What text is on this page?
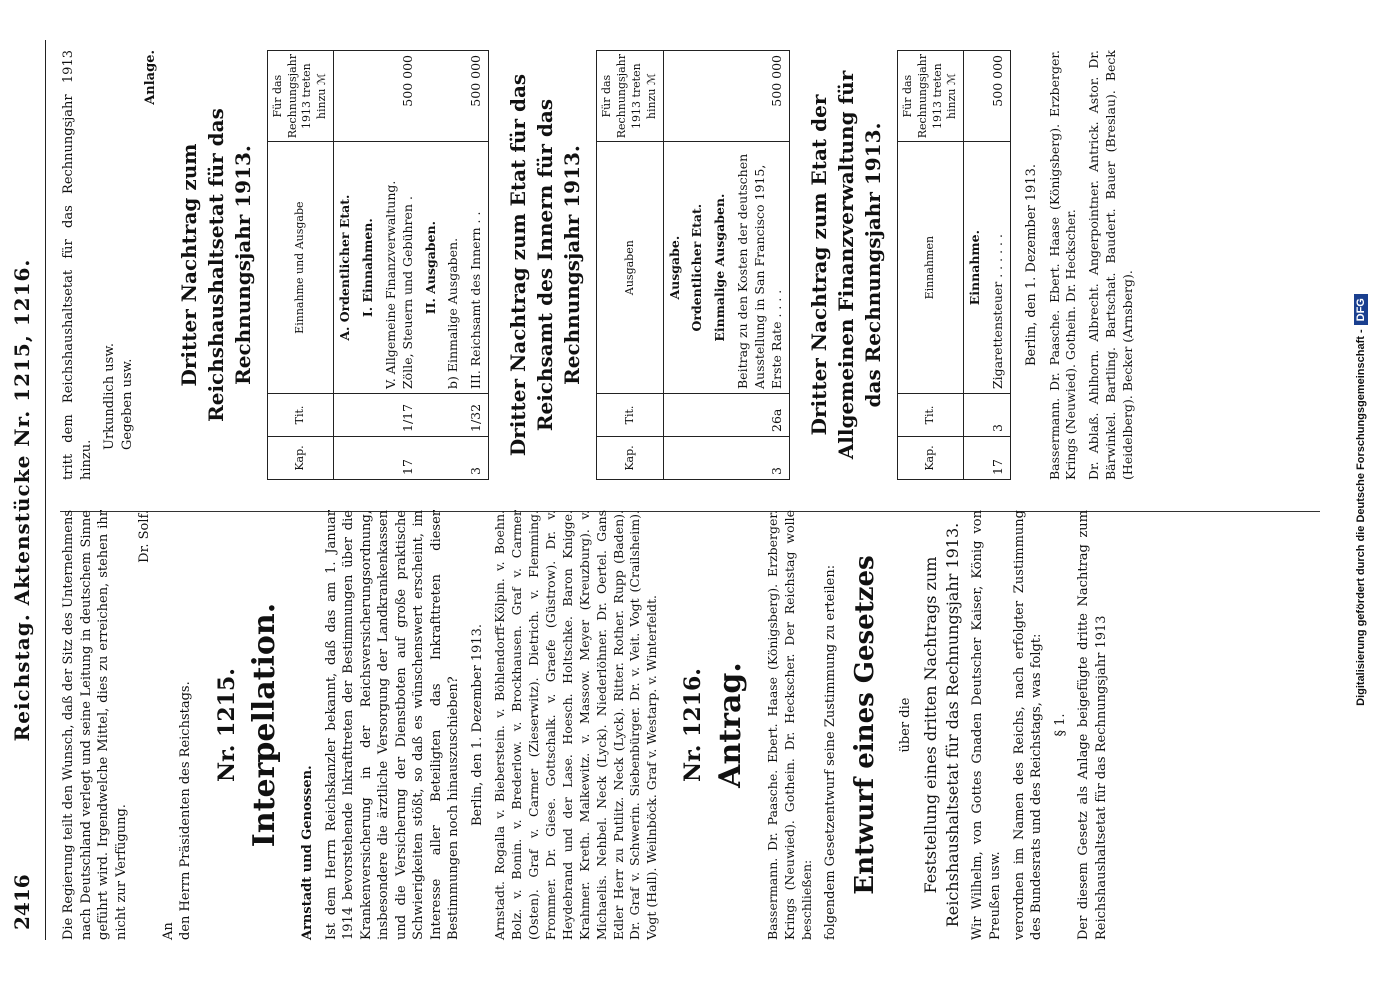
2416
Reichstag. Aktenstücke Nr. 1215, 1216. Die Regierung teilt den Wunsch, daß der Sitz des Unternehmens nach Deutschland verlegt und seine Leitung in deutschem Sinne geführt wird. Irgendwelche Mittel, dies zu erreichen, stehen ihr nicht zur Verfügung.

Dr. Solf.
An den Herrn Präsidenten des Reichstags. Nr. 1215. Interpellation.

Arnstadt und Genossen. Ist dem Herrn Reichskanzler bekannt, daß das am 1. Januar 1914 bevorstehende Inkrafttreten der Bestimmungen über die Krankenversicherung in der Reichsversicherungsordnung, insbesondere die ärztliche Versorgung der Landkrankenkassen und die Versicherung der Dienstboten auf große praktische Schwierigkeiten stößt, so daß es wünschenswert erscheint, im Interesse aller Beteiligten das Inkrafttreten dieser Bestimmungen noch hinauszuschieben? Berlin, den 1. Dezember 1913. Arnstadt. Rogalla v. Bieberstein. v. Böhlendorff-Kölpin. v. Boehn. Bolz. v. Bonin. v. Brederlow. v. Brockhausen. Graf v. Carmer (Osten). Graf v. Carmer (Zieserwitz). Dietrich. v. Flemming. Frommer. Dr. Giese. Gottschalk. v. Graefe (Güstrow). Dr. v. Heydebrand und der Lase. Hoesch. Holtschke. Baron Knigge. Krahmer. Kreth. Malkewitz. v. Massow. Meyer (Kreuzburg). v. Michaelis. Nehbel. Neck (Lyck). Niederlöhner. Dr. Oertel. Gans Edler Herr zu Putlitz. Neck (Lyck). Ritter. Rother. Rupp (Baden). Dr. Graf v. Schwerin. Siebenbürger. Dr. v. Veit. Vogt (Crailsheim). Vogt (Hall). Weilnböck. Graf v. Westarp. v. Winterfeldt. Nr. 1216. Antrag. Bassermann. Dr. Paasche. Ebert. Haase (Königsberg). Erzberger. Krings (Neuwied). Gothein. Dr. Heckscher. Der Reichstag wolle beschließen: folgendem Gesetzentwurf seine Zustimmung zu erteilen: Entwurf eines Gesetzes über die Feststellung eines dritten Nachtrags zum Reichshaushaltsetat für das Rechnungsjahr 1913. Wir Wilhelm, von Gottes Gnaden Deutscher Kaiser, König von Preußen usw. verordnen im Namen des Reichs, nach erfolgter Zustimmung des Bundesrats und des Reichstags, was folgt: § 1. Der diesem Gesetz als Anlage beigefügte dritte Nachtrag zum Reichshaushaltsetat für das Rechnungsjahr 1913

tritt dem Reichshaushaltsetat für das Rechnungsjahr 1913 hinzu.

Urkundlich usw. Gegeben usw.
Anlage.
Dritter Nachtrag zum Reichshaushaltsetat für das Rechnungsjahr 1913.
Kap.	Tit.	Einnahme und Ausgabe	Für das Rechnungsjahr 1913 treten hinzu ℳ
		A. Ordentlicher Etat.	
		I. Einnahmen.	
17	1/17	V. Allgemeine Finanzverwaltung. Zölle, Steuern und Gebühren .	500 000
		II. Ausgaben.	
		b) Einmalige Ausgaben.	
3	1/32	III. Reichsamt des Innern . .	500 000 Dritter Nachtrag zum Etat für das Reichsamt des Innern für das Rechnungsjahr 1913.
Kap.	Tit.	Ausgaben	Für das Rechnungsjahr 1913 treten hinzu ℳ
		Ausgabe.	
		Ordentlicher Etat.	
		Einmalige Ausgaben.	
3	26a	Beitrag zu den Kosten der deutschen Ausstellung in San Francisco 1915, Erste Rate . . . .	500 000
Dritter Nachtrag zum Etat der Allgemeinen Finanzverwaltung für das Rechnungsjahr 1913.
Kap.	Tit.	Einnahmen	Für das Rechnungsjahr 1913 treten hinzu ℳ
		Einnahme.	
17	3	Zigarettensteuer . . . . . .	500 000

Berlin, den 1. Dezember 1913. Bassermann. Dr. Paasche. Ebert. Haase (Königsberg). Erzberger. Krings (Neuwied). Gothein. Dr. Heckscher. Dr. Ablaß. Ahlhorn. Albrecht. Angerpointner. Antrick. Astor. Dr. Bärwinkel. Bartling. Bartschat. Baudert. Bauer (Breslau). Beck (Heidelberg). Becker (Arnsberg).	Digitalisierung gefördert durch die Deutsche Forschungsgemeinschaft -DFG
